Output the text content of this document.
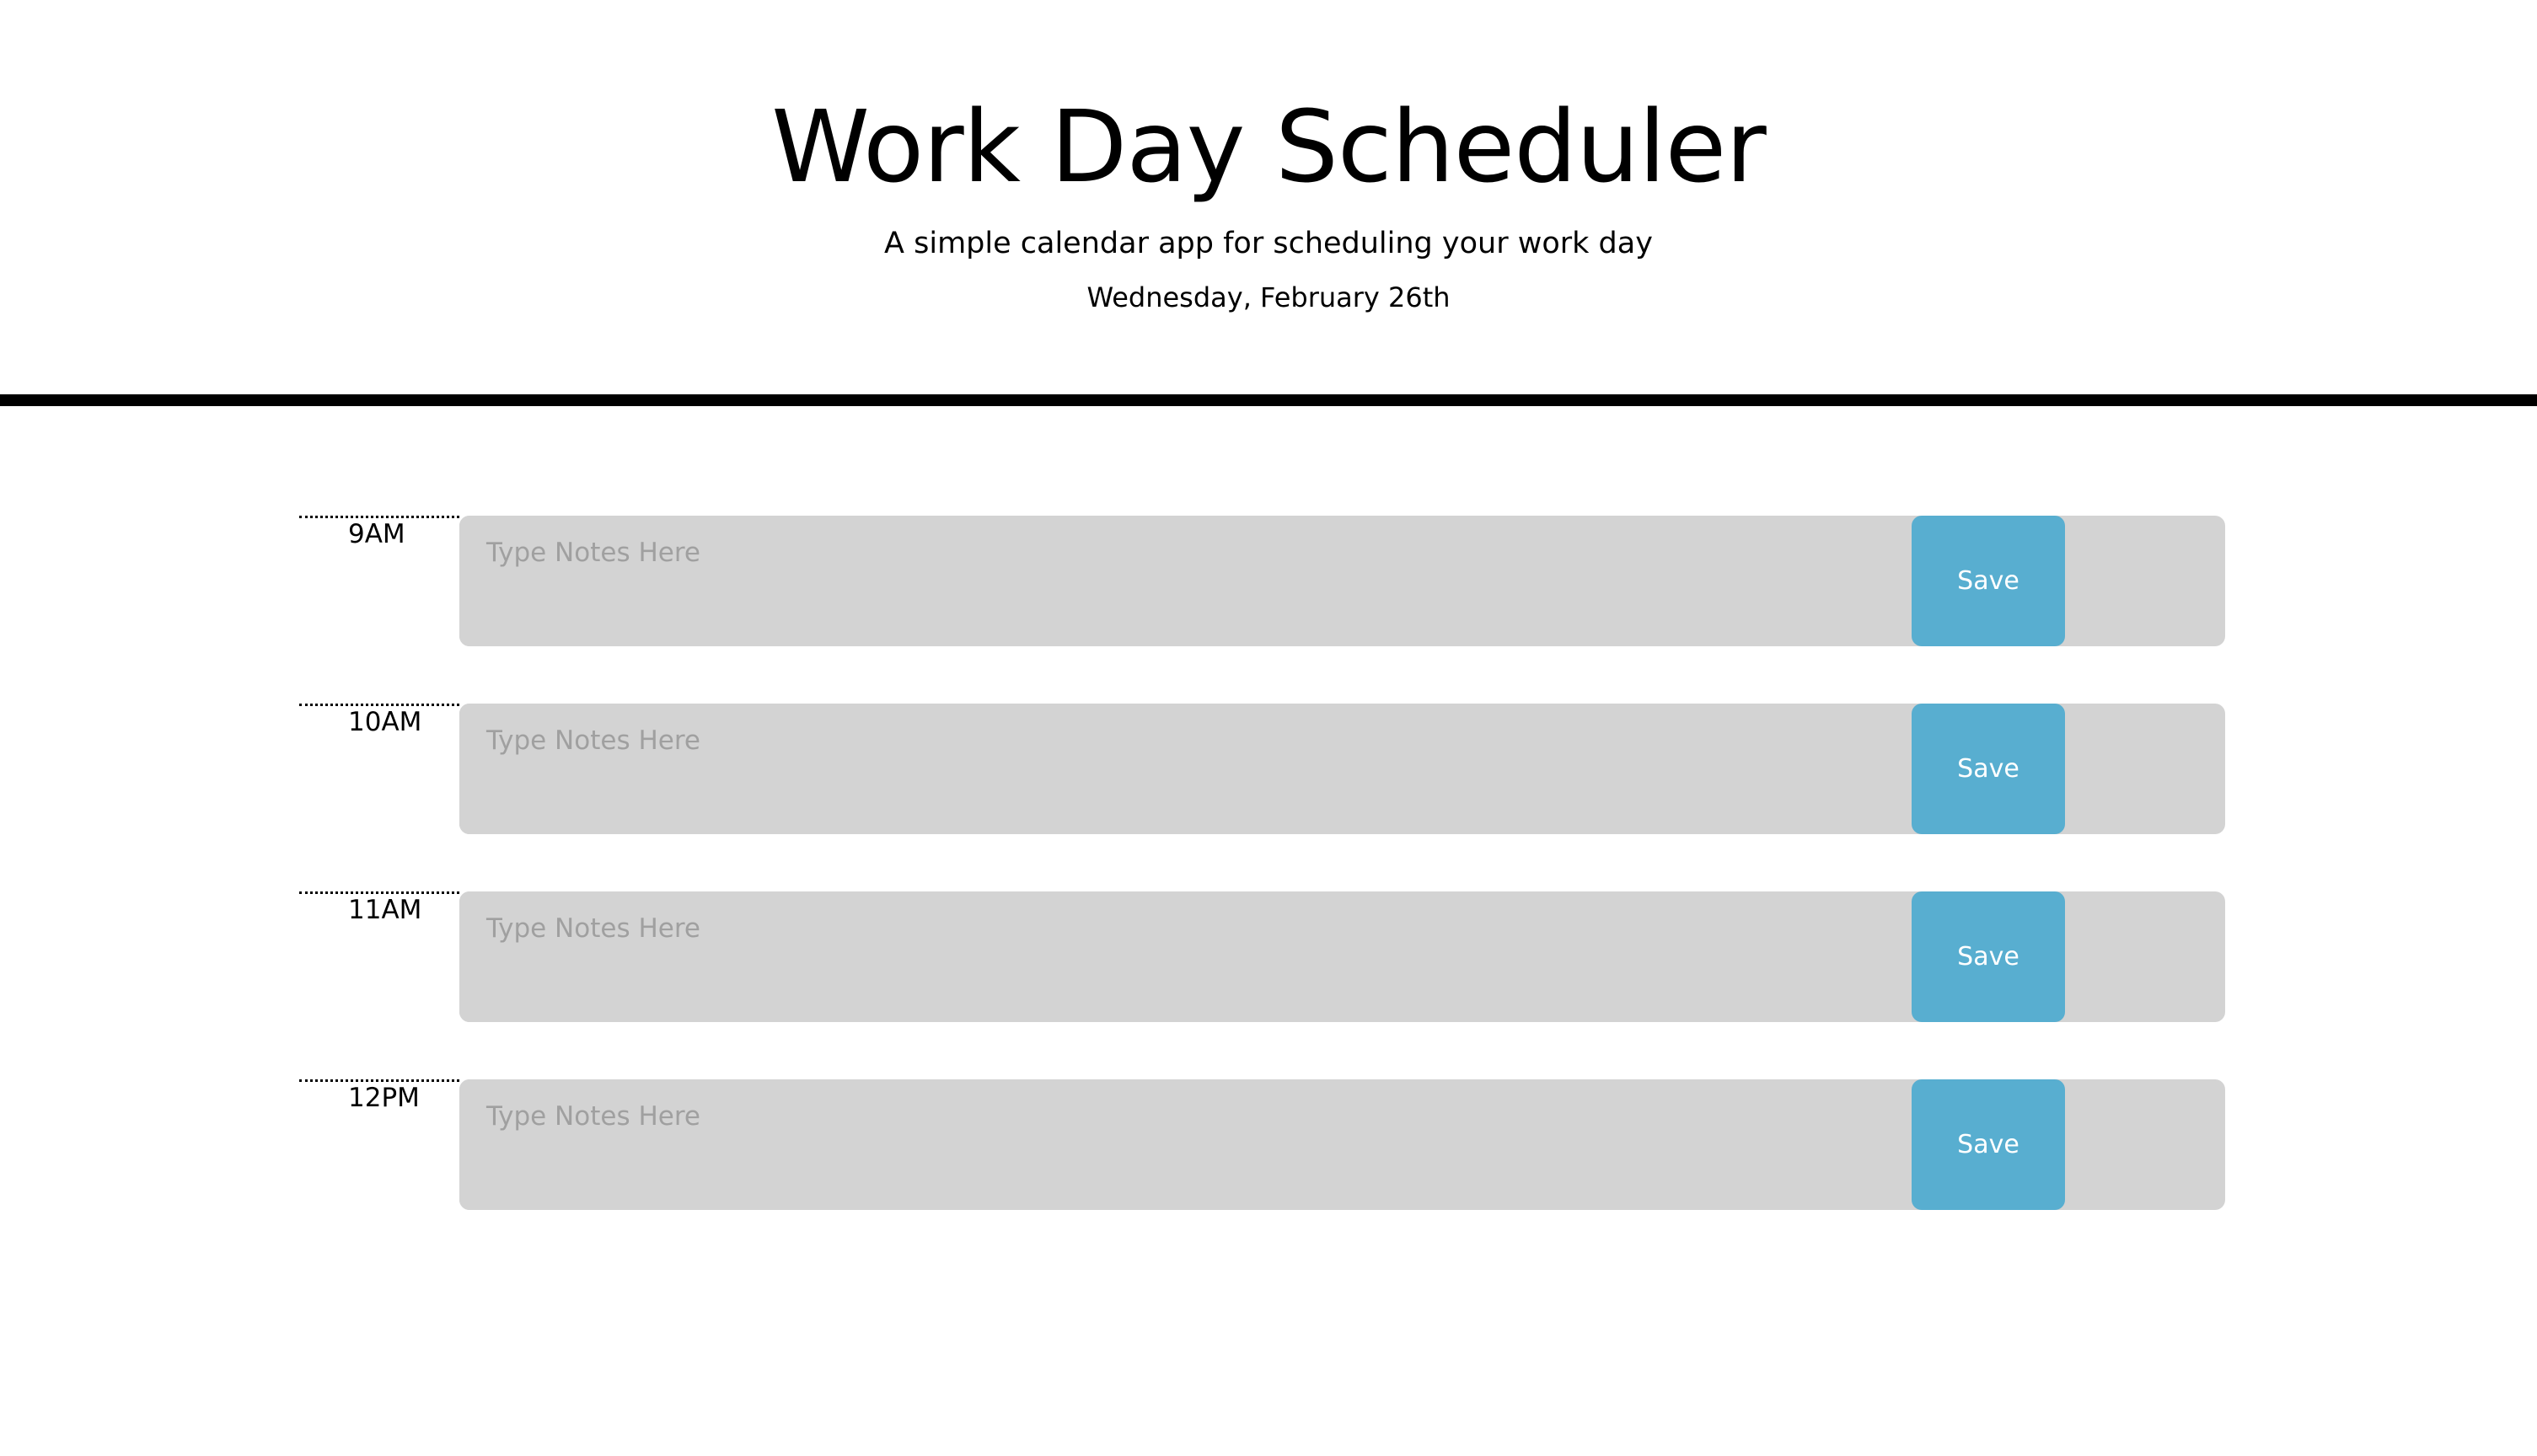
Work Day Scheduler

A simple calendar app for scheduling your work day

Wednesday, February 26th

9AM
Type Notes Here
Save
10AM
Type Notes Here
Save
11AM
Type Notes Here
Save
12PM
Type Notes Here
Save
